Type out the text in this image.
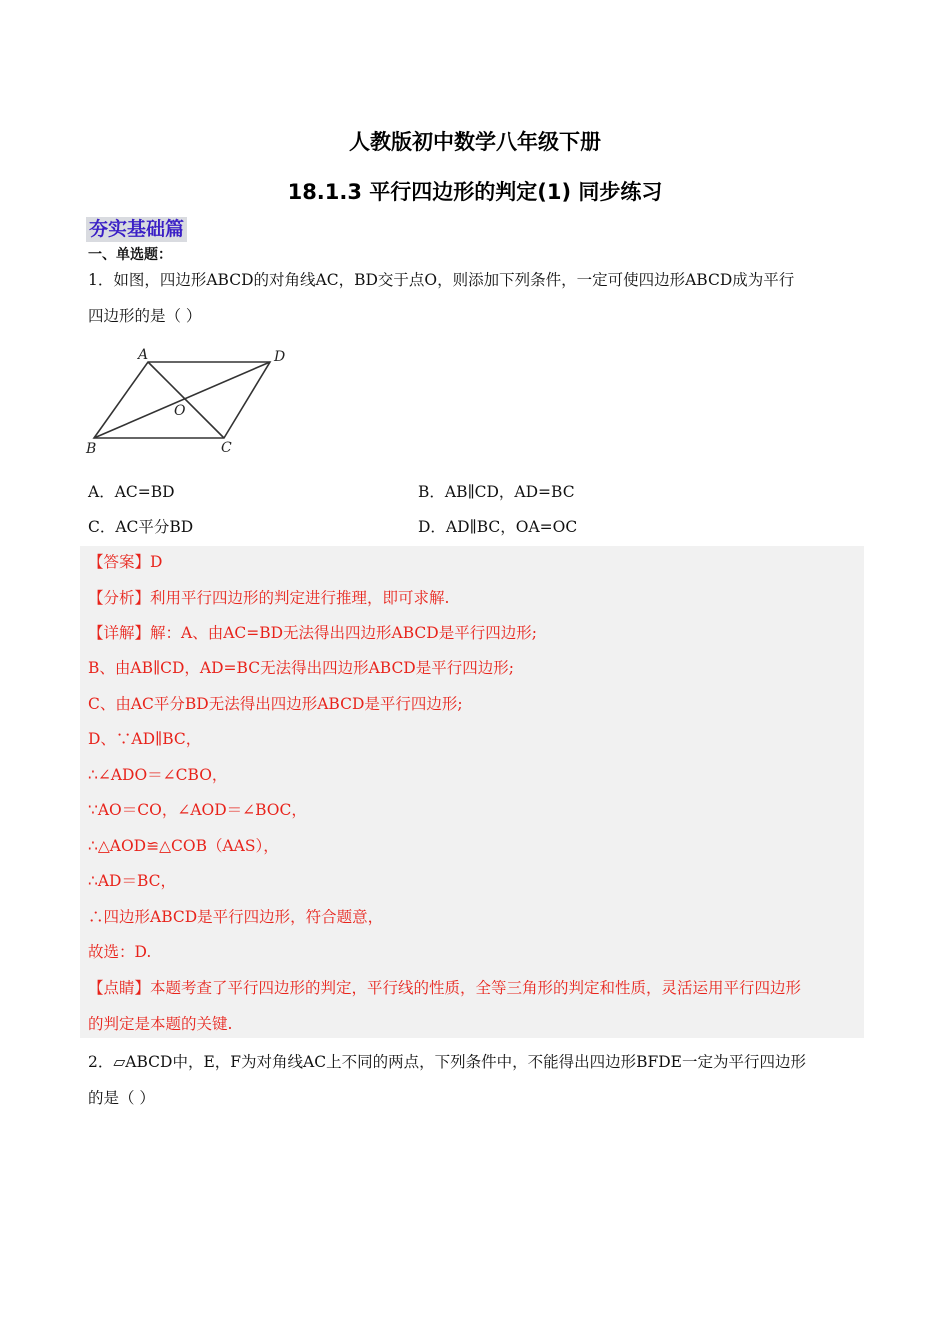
人教版初中数学八年级下册
18.1.3 平行四边形的判定(1) 同步练习
夯实基础篇
一、单选题：
1．如图，四边形ABCD的对角线AC，BD交于点O，则添加下列条件，一定可使四边形ABCD成为平行
四边形的是（ ）
A	D
O
B	C
A．AC=BD	B．AB∥CD，AD=BC
C．AC平分BD	D．AD∥BC，OA=OC
【答案】D
【分析】利用平行四边形的判定进行推理，即可求解.
【详解】解：A、由AC=BD无法得出四边形ABCD是平行四边形;
B、由AB∥CD，AD=BC无法得出四边形ABCD是平行四边形;
C、由AC平分BD无法得出四边形ABCD是平行四边形;
D、∵AD∥BC，
∴∠ADO＝∠CBO，
∵AO＝CO，∠AOD＝∠BOC，
∴△AOD≌△COB（AAS），
∴AD＝BC，
∴四边形ABCD是平行四边形，符合题意，
故选：D.
【点睛】本题考查了平行四边形的判定，平行线的性质，全等三角形的判定和性质，灵活运用平行四边形
的判定是本题的关键.
2．▱ABCD中，E，F为对角线AC上不同的两点，下列条件中，不能得出四边形BFDE一定为平行四边形
的是（ ）
